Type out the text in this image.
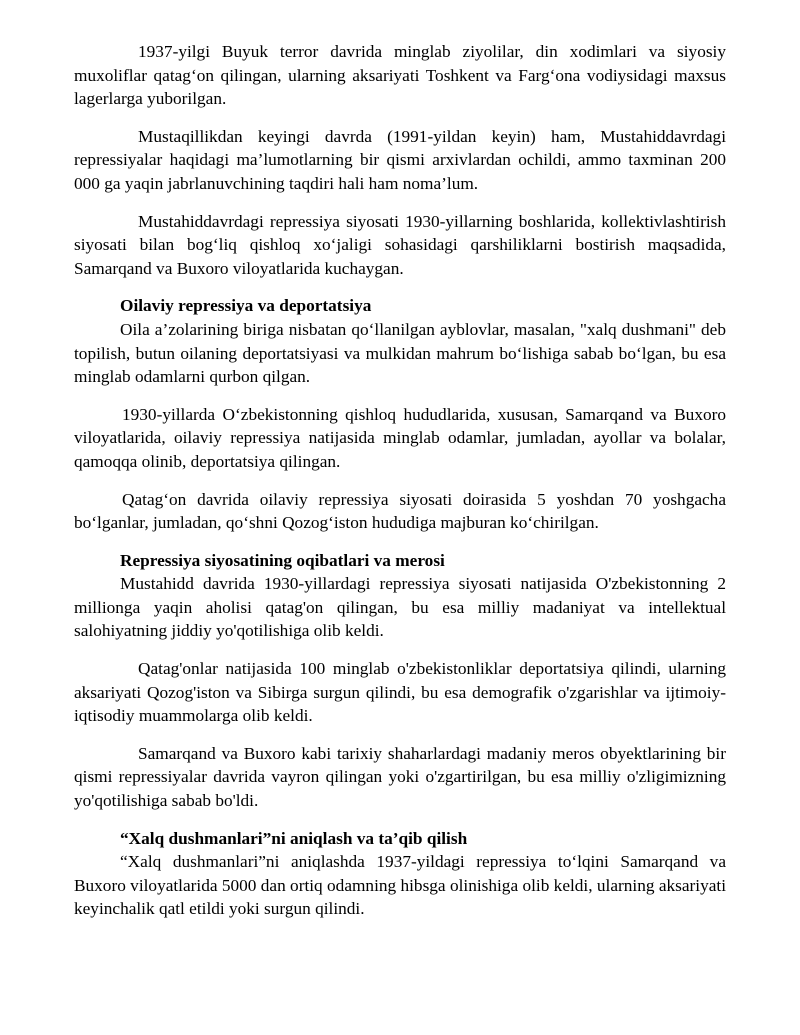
1937-yilgi Buyuk terror davrida minglab ziyolilar, din xodimlari va siyosiy muxoliflar qatag‘on qilingan, ularning aksariyati Toshkent va Farg‘ona vodiysidagi maxsus lagerlarga yuborilgan.

Mustaqillikdan keyingi davrda (1991-yildan keyin) ham, Mustahiddavrdagi repressiyalar haqidagi ma’lumotlarning bir qismi arxivlardan ochildi, ammo taxminan 200 000 ga yaqin jabrlanuvchining taqdiri hali ham noma’lum.

Mustahiddavrdagi repressiya siyosati 1930-yillarning boshlarida, kollektivlashtirish siyosati bilan bog‘liq qishloq xo‘jaligi sohasidagi qarshiliklarni bostirish maqsadida, Samarqand va Buxoro viloyatlarida kuchaygan.

Oilaviy repressiya va deportatsiya

Oila a’zolarining biriga nisbatan qo‘llanilgan ayblovlar, masalan, "xalq dushmani" deb topilish, butun oilaning deportatsiyasi va mulkidan mahrum bo‘lishiga sabab bo‘lgan, bu esa minglab odamlarni qurbon qilgan.

1930-yillarda O‘zbekistonning qishloq hududlarida, xususan, Samarqand va Buxoro viloyatlarida, oilaviy repressiya natijasida minglab odamlar, jumladan, ayollar va bolalar, qamoqqa olinib, deportatsiya qilingan.

Qatag‘on davrida oilaviy repressiya siyosati doirasida 5 yoshdan 70 yoshgacha bo‘lganlar, jumladan, qo‘shni Qozog‘iston hududiga majburan ko‘chirilgan.

Repressiya siyosatining oqibatlari va merosi

Mustahidd davrida 1930-yillardagi repressiya siyosati natijasida O'zbekistonning 2 millionga yaqin aholisi qatag'on qilingan, bu esa milliy madaniyat va intellektual salohiyatning jiddiy yo'qotilishiga olib keldi.

Qatag'onlar natijasida 100 minglab o'zbekistonliklar deportatsiya qilindi, ularning aksariyati Qozog'iston va Sibirga surgun qilindi, bu esa demografik o'zgarishlar va ijtimoiy-iqtisodiy muammolarga olib keldi.

Samarqand va Buxoro kabi tarixiy shaharlardagi madaniy meros obyektlarining bir qismi repressiyalar davrida vayron qilingan yoki o'zgartirilgan, bu esa milliy o'zligimizning yo'qotilishiga sabab bo'ldi.

“Xalq dushmanlari”ni aniqlash va ta’qib qilish

“Xalq dushmanlari”ni aniqlashda 1937-yildagi repressiya to‘lqini Samarqand va Buxoro viloyatlarida 5000 dan ortiq odamning hibsga olinishiga olib keldi, ularning aksariyati keyinchalik qatl etildi yoki surgun qilindi.
